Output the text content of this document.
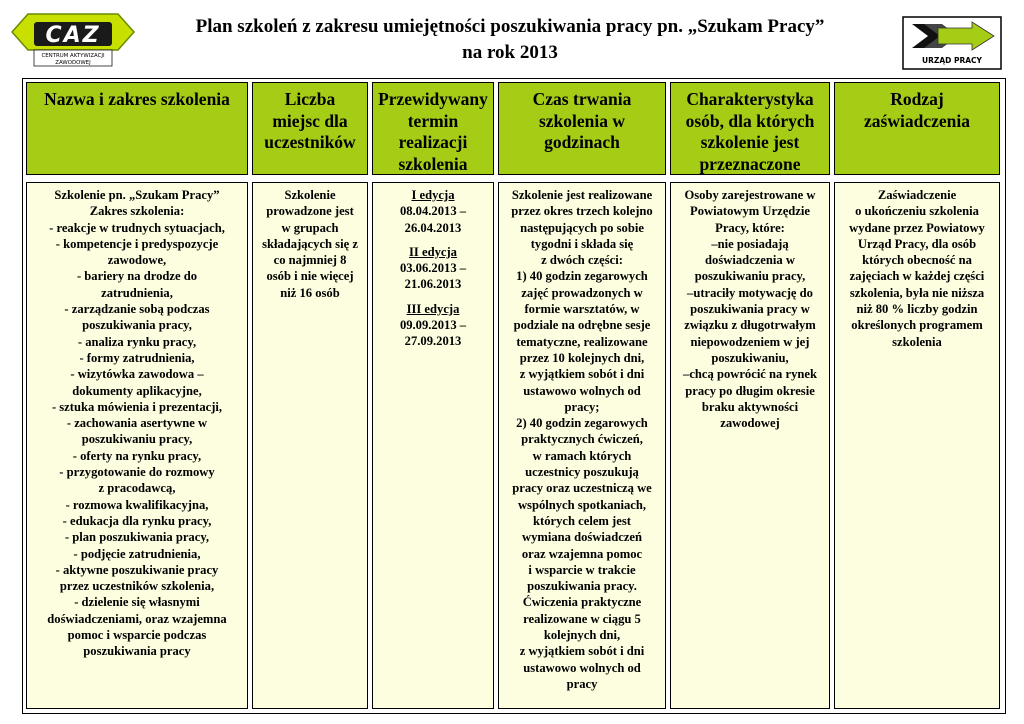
CAZ
CENTRUM AKTYWIZACJI
ZAWODOWEJ
Plan szkoleń z zakresu umiejętności poszukiwania pracy pn. „Szukam Pracy”
na rok 2013	URZĄD PRACY
Nazwa i zakres szkolenia
Szkolenie pn. „Szukam Pracy”
Zakres szkolenia:
- reakcje w trudnych sytuacjach,
- kompetencje i predyspozycje
zawodowe,
- bariery na drodze do
zatrudnienia,
- zarządzanie sobą podczas
poszukiwania pracy,
- analiza rynku pracy,
- formy zatrudnienia,
- wizytówka zawodowa –
dokumenty aplikacyjne,
- sztuka mówienia i prezentacji,
- zachowania asertywne w
poszukiwaniu pracy,
- oferty na rynku pracy,
- przygotowanie do rozmowy
z pracodawcą,
- rozmowa kwalifikacyjna,
- edukacja dla rynku pracy,
- plan poszukiwania pracy,
- podjęcie zatrudnienia,
- aktywne poszukiwanie pracy
przez uczestników szkolenia,
- dzielenie się własnymi
doświadczeniami, oraz wzajemna
pomoc i wsparcie podczas
poszukiwania pracy
Liczba
miejsc dla
uczestników
Szkolenie
prowadzone jest
w grupach
składających się z
co najmniej 8
osób i nie więcej
niż 16 osób
Przewidywany
termin
realizacji
szkolenia
I edycja
08.04.2013 –
26.04.2013
II edycja
03.06.2013 –
21.06.2013
III edycja
09.09.2013 –
27.09.2013
Czas trwania
szkolenia w
godzinach
Szkolenie jest realizowane
przez okres trzech kolejno
następujących po sobie
tygodni i składa się
z dwóch części:
1) 40 godzin zegarowych
zajęć prowadzonych w
formie warsztatów, w
podziale na odrębne sesje
tematyczne, realizowane
przez 10 kolejnych dni,
z wyjątkiem sobót i dni
ustawowo wolnych od
pracy;
2) 40 godzin zegarowych
praktycznych ćwiczeń,
w ramach których
uczestnicy poszukują
pracy oraz uczestniczą we
wspólnych spotkaniach,
których celem jest
wymiana doświadczeń
oraz wzajemna pomoc
i wsparcie w trakcie
poszukiwania pracy.
Ćwiczenia praktyczne
realizowane w ciągu 5
kolejnych dni,
z wyjątkiem sobót i dni
ustawowo wolnych od
pracy
Charakterystyka
osób, dla których
szkolenie jest
przeznaczone
Osoby zarejestrowane w
Powiatowym Urzędzie
Pracy, które:
–nie posiadają
doświadczenia w
poszukiwaniu pracy,
–utraciły motywację do
poszukiwania pracy w
związku z długotrwałym
niepowodzeniem w jej
poszukiwaniu,
–chcą powrócić na rynek
pracy po długim okresie
braku aktywności
zawodowej
Rodzaj
zaświadczenia
Zaświadczenie
o ukończeniu szkolenia
wydane przez Powiatowy
Urząd Pracy, dla osób
których obecność na
zajęciach w każdej części
szkolenia, była nie niższa
niż 80 % liczby godzin
określonych programem
szkolenia
